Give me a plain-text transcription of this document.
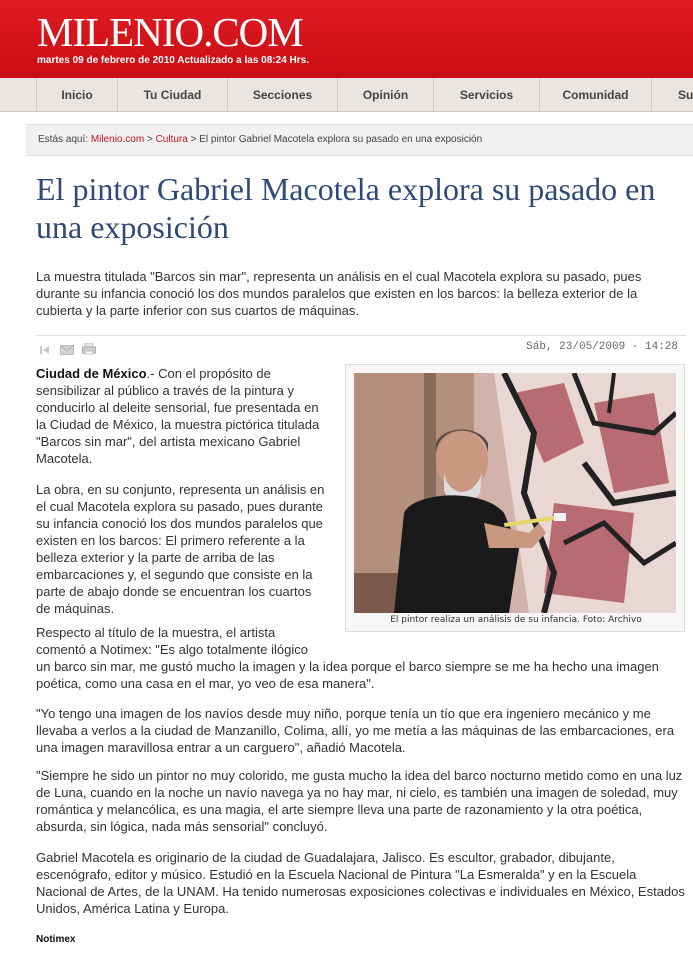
MILENIO.COM
martes 09 de febrero de 2010 Actualizado a las 08:24 Hrs.
Inicio	Tu Ciudad	Secciones	Opinión	Servicios	Comunidad	Su
Estás aquí: Milenio.com > Cultura > El pintor Gabriel Macotela explora su pasado en una exposición
El pintor Gabriel Macotela explora su pasado en una exposición

La muestra titulada "Barcos sin mar", representa un análisis en el cual Macotela explora su pasado, pues durante su infancia conoció los dos mundos paralelos que existen en los barcos: la belleza exterior de la cubierta y la parte inferior con sus cuartos de máquinas.

Sáb, 23/05/2009 - 14:28
El pintor realiza un análisis de su infancia. Foto: Archivo

Ciudad de México.- Con el propósito de sensibilizar al público a través de la pintura y conducirlo al deleite sensorial, fue presentada en la Ciudad de México, la muestra pictórica titulada "Barcos sin mar", del artista mexicano Gabriel Macotela.

La obra, en su conjunto, representa un análisis en el cual Macotela explora su pasado, pues durante su infancia conoció los dos mundos paralelos que existen en los barcos: El primero referente a la belleza exterior y la parte de arriba de las embarcaciones y, el segundo que consiste en la parte de abajo donde se encuentran los cuartos de máquinas.

Respecto al título de la muestra, el artista comentó a Notimex: "Es algo totalmente ilógico

un barco sin mar, me gustó mucho la imagen y la idea porque el barco siempre se me ha hecho una imagen poética, como una casa en el mar, yo veo de esa manera".

"Yo tengo una imagen de los navíos desde muy niño, porque tenía un tío que era ingeniero mecánico y me llevaba a verlos a la ciudad de Manzanillo, Colima, allí, yo me metía a las máquinas de las embarcaciones, era una imagen maravillosa entrar a un carguero", añadió Macotela.

"Siempre he sido un pintor no muy colorido, me gusta mucho la idea del barco nocturno metido como en una luz de Luna, cuando en la noche un navío navega ya no hay mar, ni cielo, es también una imagen de soledad, muy romántica y melancólica, es una magia, el arte siempre lleva una parte de razonamiento y la otra poética, absurda, sin lógica, nada más sensorial" concluyó.

Gabriel Macotela es originario de la ciudad de Guadalajara, Jalisco. Es escultor, grabador, dibujante, escenógrafo, editor y músico. Estudió en la Escuela Nacional de Pintura "La Esmeralda" y en la Escuela Nacional de Artes, de la UNAM. Ha tenido numerosas exposiciones colectivas e individuales en México, Estados Unidos, América Latina y Europa.

Notimex
